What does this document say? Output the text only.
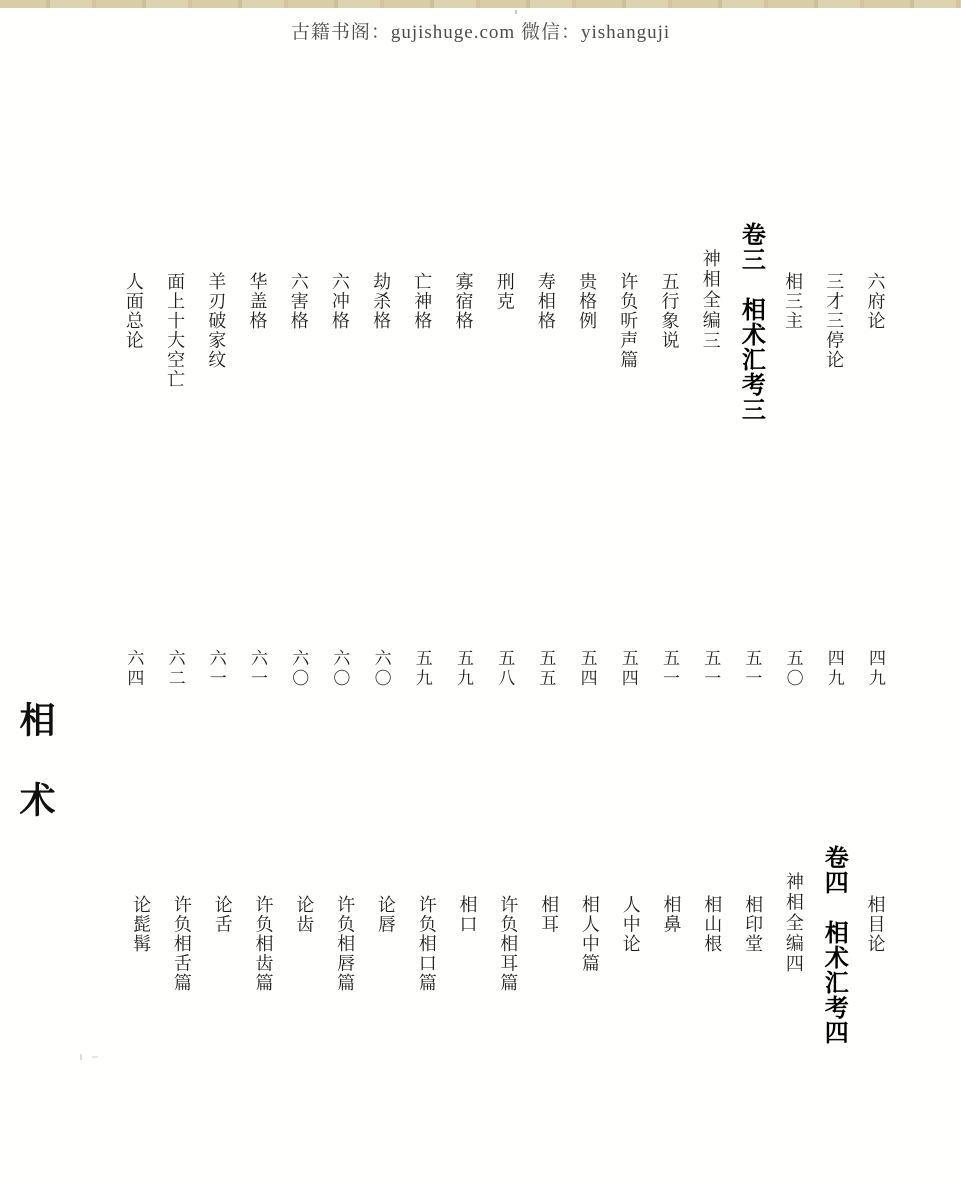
古籍书阁：gujishuge.com 微信：yishanguji
六府论
四九
三才三停论
四九
相三主
五〇
卷三　相术汇考三
五一
神相全编三
五一
五行象说
五一
许负听声篇
五四
贵格例
五四
寿相格
五五
刑克
五八
寡宿格
五九
亡神格
五九
劫杀格
六〇
六冲格
六〇
六害格
六〇
华盖格
六一
羊刃破家纹
六一
面上十大空亡
六二
人面总论
六四
相目论
卷四　相术汇考四
神相全编四
相印堂
相山根
相鼻
人中论
相人中篇
相耳
许负相耳篇
相口
许负相口篇
论唇
许负相唇篇
论齿
许负相齿篇
论舌
许负相舌篇
论髭髯
相术
